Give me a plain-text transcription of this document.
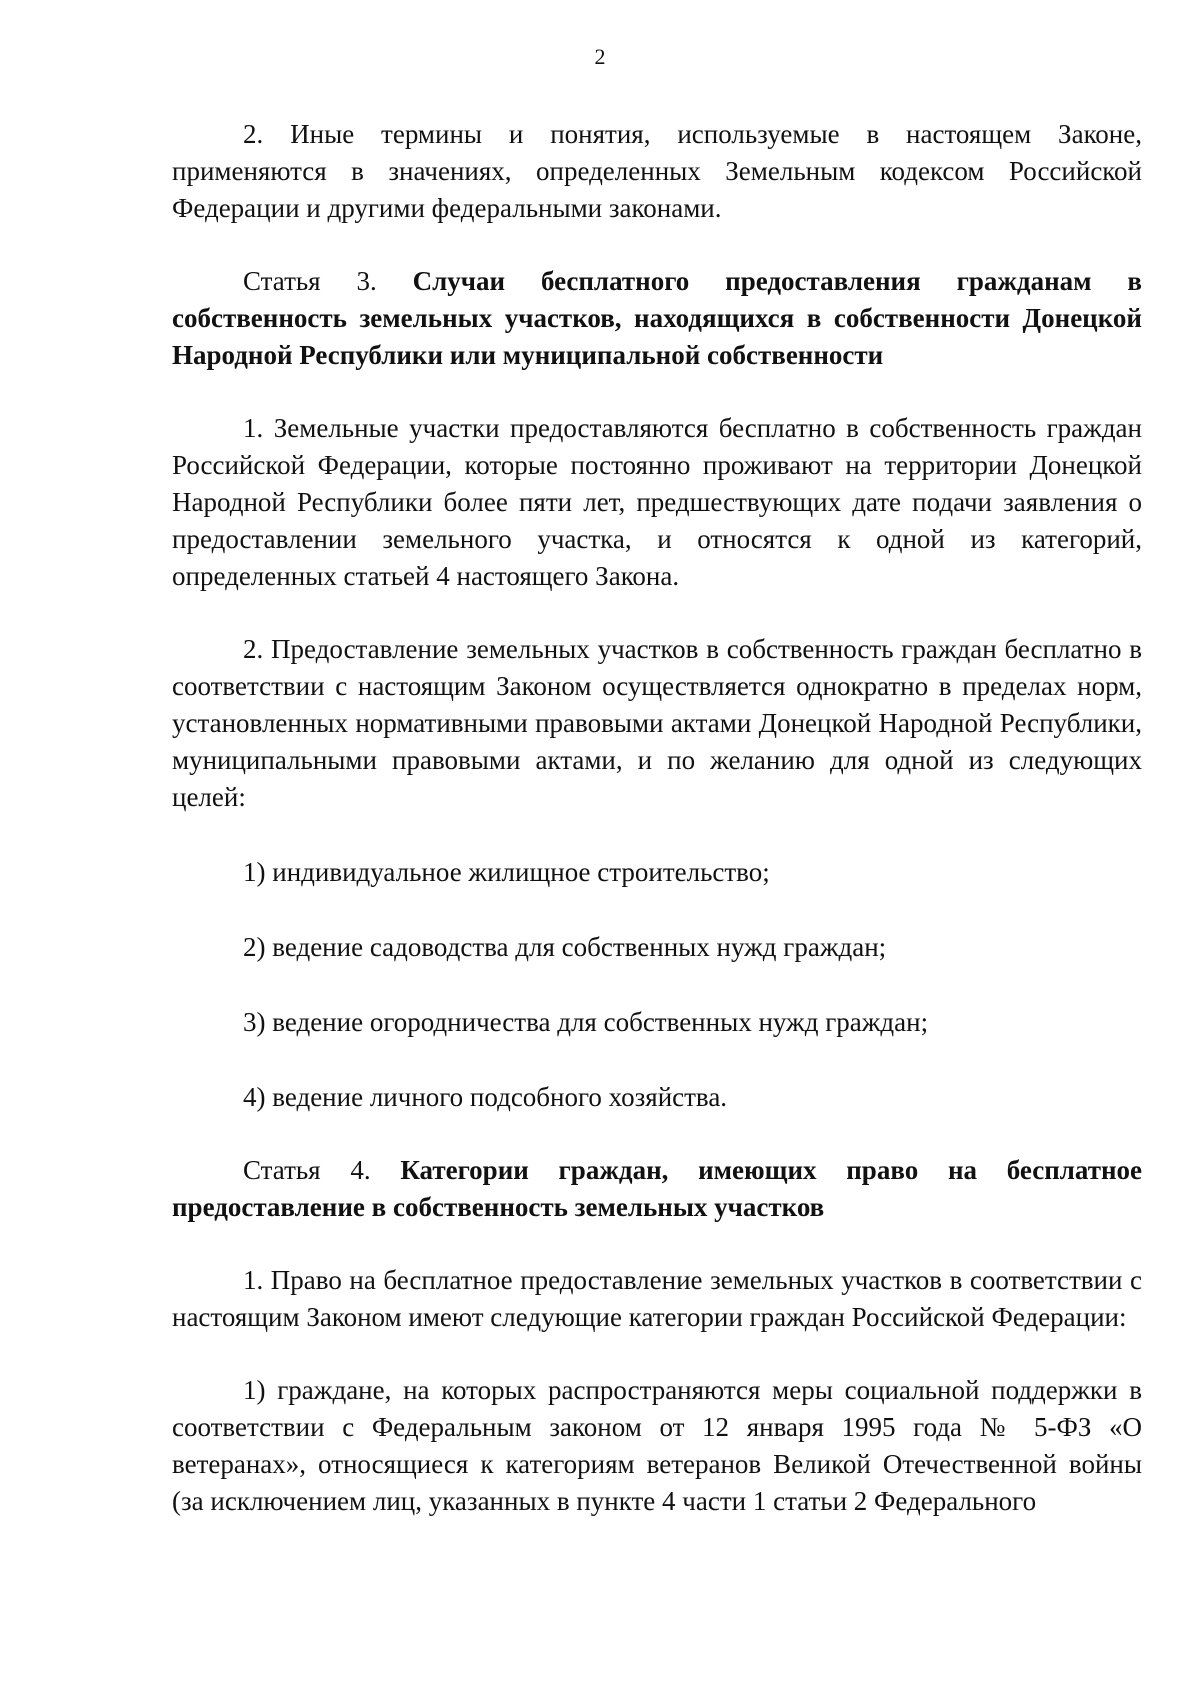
2

2. Иные термины и понятия, используемые в настоящем Законе, применяются в значениях, определенных Земельным кодексом Российской Федерации и другими федеральными законами.

Статья 3. Случаи бесплатного предоставления гражданам в собственность земельных участков, находящихся в собственности Донецкой Народной Республики или муниципальной собственности

1. Земельные участки предоставляются бесплатно в собственность граждан Российской Федерации, которые постоянно проживают на территории Донецкой Народной Республики более пяти лет, предшествующих дате подачи заявления о предоставлении земельного участка, и относятся к одной из категорий, определенных статьей 4 настоящего Закона.

2. Предоставление земельных участков в собственность граждан бесплатно в соответствии с настоящим Законом осуществляется однократно в пределах норм, установленных нормативными правовыми актами Донецкой Народной Республики, муниципальными правовыми актами, и по желанию для одной из следующих целей:

1) индивидуальное жилищное строительство;

2) ведение садоводства для собственных нужд граждан;

3) ведение огородничества для собственных нужд граждан;

4) ведение личного подсобного хозяйства.

Статья 4. Категории граждан, имеющих право на бесплатное предоставление в собственность земельных участков

1. Право на бесплатное предоставление земельных участков в соответствии с настоящим Законом имеют следующие категории граждан Российской Федерации:

1) граждане, на которых распространяются меры социальной поддержки в соответствии с Федеральным законом от 12 января 1995 года № 5-ФЗ «О ветеранах», относящиеся к категориям ветеранов Великой Отечественной войны (за исключением лиц, указанных в пункте 4 части 1 статьи 2 Федерального
